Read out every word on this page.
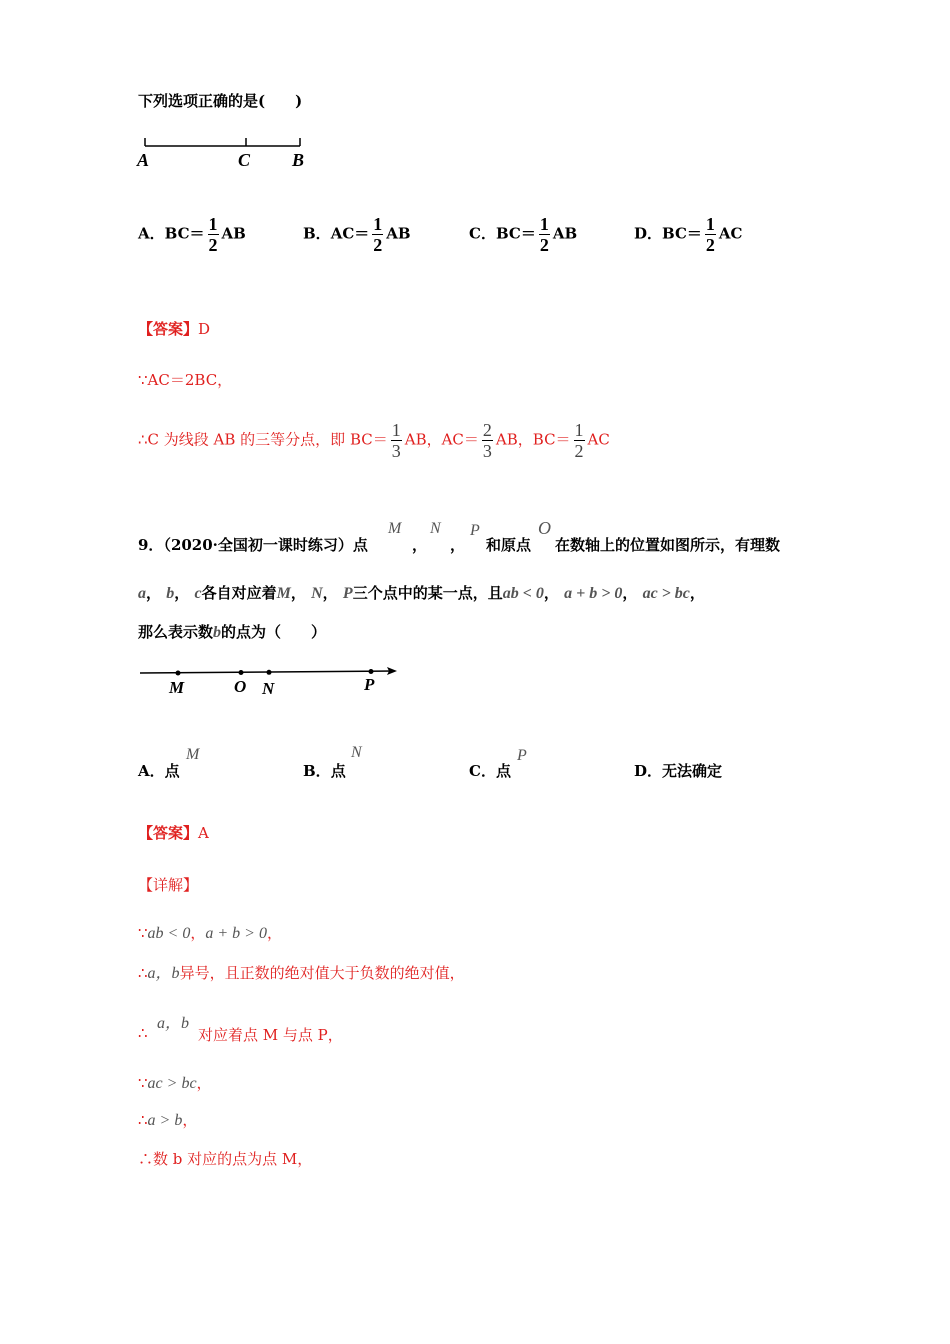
下列选项正确的是(　　)
A	C B
A．$BC= \frac{1}{2}$ AB	B．$AC= \frac{1}{2}$ AB	C．$BC= \frac{1}{2}$ AB	D．$BC= \frac{1}{2}$ AC
【答案】D
∵AC＝2BC，
∴C 为线段 AB 的三等分点，即 $BC= \frac{1}{3}$ AB，$AC= \frac{2}{3}$ AB，$BC= \frac{1}{2}$ AC
9．（2020·全国初一课时练习）点
M
，
N
，
P
和原点
O
在数轴上的位置如图所示，有理数
a， b， c各自对应着M， N， P三个点中的某一点，且ab < 0， a + b > 0， ac > bc，
那么表示数b的点为（　　）
M	O N	P
A．点
M
B．点
N
C．点
P
D．无法确定
【答案】A
【详解】
∵ab < 0，a + b > 0，
∴a，b异号，且正数的绝对值大于负数的绝对值，
∴
a，b
对应着点 M 与点 P，
∵ac > bc，
∴a > b，
∴数 b 对应的点为点 M，
